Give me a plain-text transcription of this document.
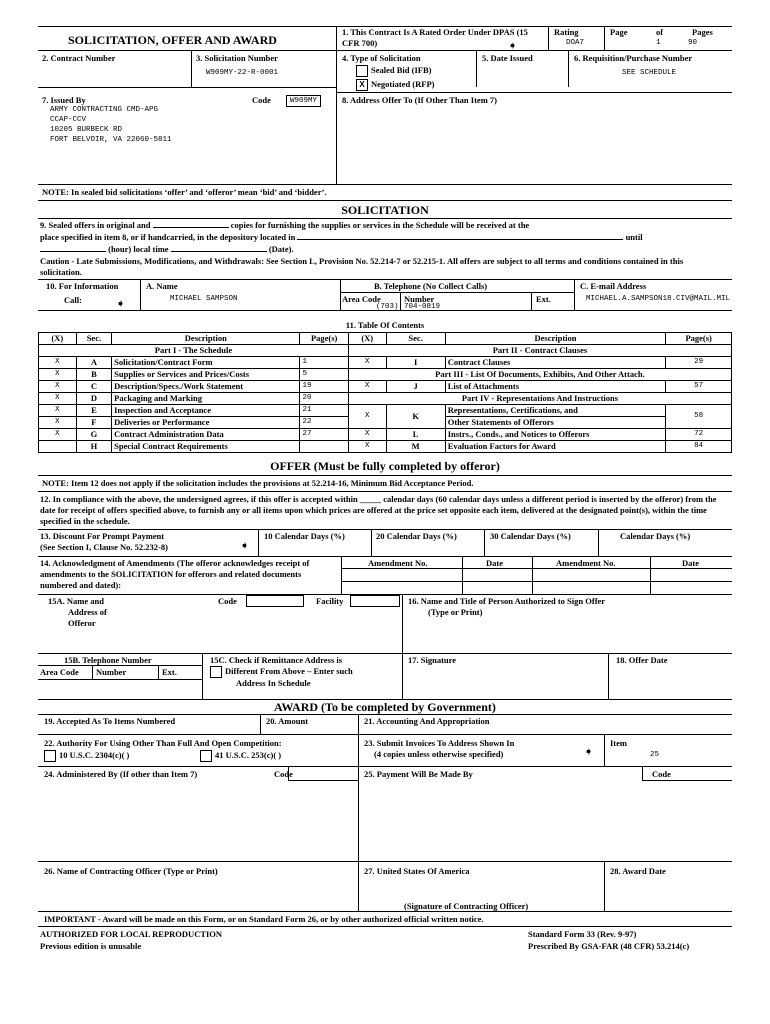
SOLICITATION, OFFER AND AWARD
1. This Contract Is A Rated Order Under DPAS (15 CFR 700)	➧
Rating
DOA7
Page	of	Pages
1	90
2. Contract Number	3. Solicitation Number
W909MY-22-R-0001
4. Type of Solicitation
Sealed Bid (IFB)
X Negotiated (RFP)
5. Date Issued	6. Requisition/Purchase Number
SEE SCHEDULE
7. Issued By	Code	W909MY
ARMY CONTRACTING CMD-APG
CCAP-CCV
10205 BURBECK RD
FORT BELVOIR, VA 22060-5811
8. Address Offer To (If Other Than Item 7)
NOTE: In sealed bid solicitations ‘offer’ and ‘offeror’ mean ‘bid’ and ‘bidder’.
SOLICITATION
9. Sealed offers in original and	copies for furnishing the supplies or services in the Schedule will be received at the
place specified in item 8, or if handcarried, in the depository located in	until
(hour) local time	(Date).
Caution - Late Submissions, Modifications, and Withdrawals: See Section L, Provision No. 52.214-7 or 52.215-1. All offers are subject to all terms and conditions contained in this solicitation.
10. For Information
Call:	➧
A. Name
MICHAEL SAMPSON
B. Telephone (No Collect Calls)
Area Code
(703)
Number
704-0819
Ext.
C. E-mail Address
MICHAEL.A.SAMPSON18.CIV@MAIL.MIL
11. Table Of Contents
(X)	Sec.	Description	Page(s)	(X)	Sec.	Description	Page(s)
Part I - The Schedule				Part II - Contract Clauses			
X	A	Solicitation/Contract Form	1	X	I	Contract Clauses	29
X	B	Supplies or Services and Prices/Costs	5	Part III - List Of Documents, Exhibits, And Other Attach.			
X	C	Description/Specs./Work Statement	19	X	J	List of Attachments	57
X	D	Packaging and Marking	20	Part IV - Representations And Instructions			
X	E	Inspection and Acceptance	21	X	K	Representations, Certifications, and	58
X	F	Deliveries or Performance	22			Other Statements of Offerors	
X	G	Contract Administration Data	27	X	L	Instrs., Conds., and Notices to Offerors	72
	H	Special Contract Requirements		X	M	Evaluation Factors for Award	84
OFFER (Must be fully completed by offeror)
NOTE: Item 12 does not apply if the solicitation includes the provisions at 52.214-16, Minimum Bid Acceptance Period.
12. In compliance with the above, the undersigned agrees, if this offer is accepted within _____ calendar days (60 calendar days unless a different period is inserted by the offeror) from the date for receipt of offers specified above, to furnish any or all items upon which prices are offered at the price set opposite each item, delivered at the designated point(s), within the time specified in the schedule.
13. Discount For Prompt Payment
(See Section I, Clause No. 52.232-8)	➧
10 Calendar Days (%)	20 Calendar Days (%)	30 Calendar Days (%)	Calendar Days (%)
14. Acknowledgment of Amendments (The offeror acknowledges receipt of amendments to the SOLICITATION for offerors and related documents numbered and dated):
Amendment No.	Date	Amendment No.	Date
15A. Name and
Address of
Offeror
Code	Facility	16. Name and Title of Person Authorized to Sign Offer
(Type or Print)
15B. Telephone Number
Area Code Number	Ext.
15C. Check if Remittance Address is
Different From Above – Enter such
Address In Schedule
17. Signature	18. Offer Date
AWARD (To be completed by Government)
19. Accepted As To Items Numbered	20. Amount	21. Accounting And Appropriation
22. Authority For Using Other Than Full And Open Competition:
10 U.S.C. 2304(c)( )	41 U.S.C. 253(c)( )
23. Submit Invoices To Address Shown In
(4 copies unless otherwise specified)	➧
Item
25
24. Administered By (If other than Item 7)	Code	25. Payment Will Be Made By	Code
26. Name of Contracting Officer (Type or Print)	27. United States Of America
(Signature of Contracting Officer)
28. Award Date
IMPORTANT - Award will be made on this Form, or on Standard Form 26, or by other authorized official written notice.
AUTHORIZED FOR LOCAL REPRODUCTION
Previous edition is unusable
Standard Form 33 (Rev. 9-97)
Prescribed By GSA-FAR (48 CFR) 53.214(c)
